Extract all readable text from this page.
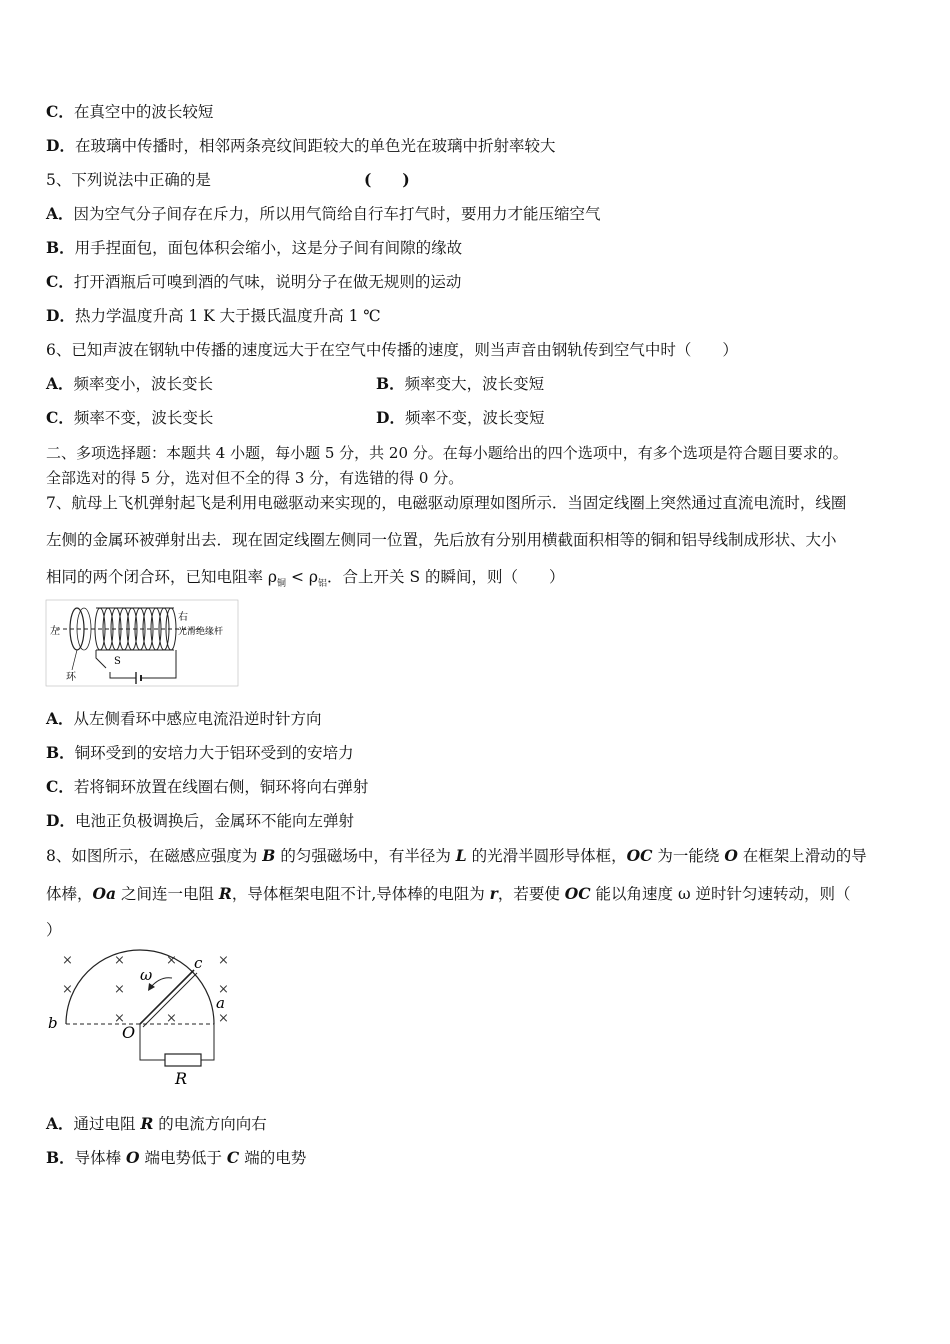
C．在真空中的波长较短
D．在玻璃中传播时，相邻两条亮纹间距较大的单色光在玻璃中折射率较大
5、下列说法中正确的是	(　　)
A．因为空气分子间存在斥力，所以用气筒给自行车打气时，要用力才能压缩空气
B．用手捏面包，面包体积会缩小，这是分子间有间隙的缘故
C．打开酒瓶后可嗅到酒的气味，说明分子在做无规则的运动
D．热力学温度升高 1 K 大于摄氏温度升高 1 ℃
6、已知声波在钢轨中传播的速度远大于在空气中传播的速度，则当声音由钢轨传到空气中时（　　）
A．频率变小，波长变长	B．频率变大，波长变短
C．频率不变，波长变长	D．频率不变，波长变短
二、多项选择题：本题共 4 小题，每小题 5 分，共 20 分。在每小题给出的四个选项中，有多个选项是符合题目要求的。
全部选对的得 5 分，选对但不全的得 3 分，有选错的得 0 分。
7、航母上飞机弹射起飞是利用电磁驱动来实现的，电磁驱动原理如图所示．当固定线圈上突然通过直流电流时，线圈
左侧的金属环被弹射出去．现在固定线圈左侧同一位置，先后放有分别用横截面积相等的铜和铝导线制成形状、大小
相同的两个闭合环，已知电阻率 $\rho_铜 < \rho_铝$．合上开关 S 的瞬间，则（　　）
左
右
光滑绝缘杆
环
S
A．从左侧看环中感应电流沿逆时针方向
B．铜环受到的安培力大于铝环受到的安培力
C．若将铜环放置在线圈右侧，铜环将向右弹射
D．电池正负极调换后，金属环不能向左弹射
8、如图所示，在磁感应强度为 B 的匀强磁场中，有半径为 L 的光滑半圆形导体框，OC 为一能绕 O 在框架上滑动的导
体棒，Oa 之间连一电阻 R，导体框架电阻不计,导体棒的电阻为 r，若要使 OC 能以角速度 ω 逆时针匀速转动，则（
）
×	×	×	×
×	×	×
×	×	×
ω
c
a
b	O
R
A．通过电阻 R 的电流方向向右
B．导体棒 O 端电势低于 C 端的电势
